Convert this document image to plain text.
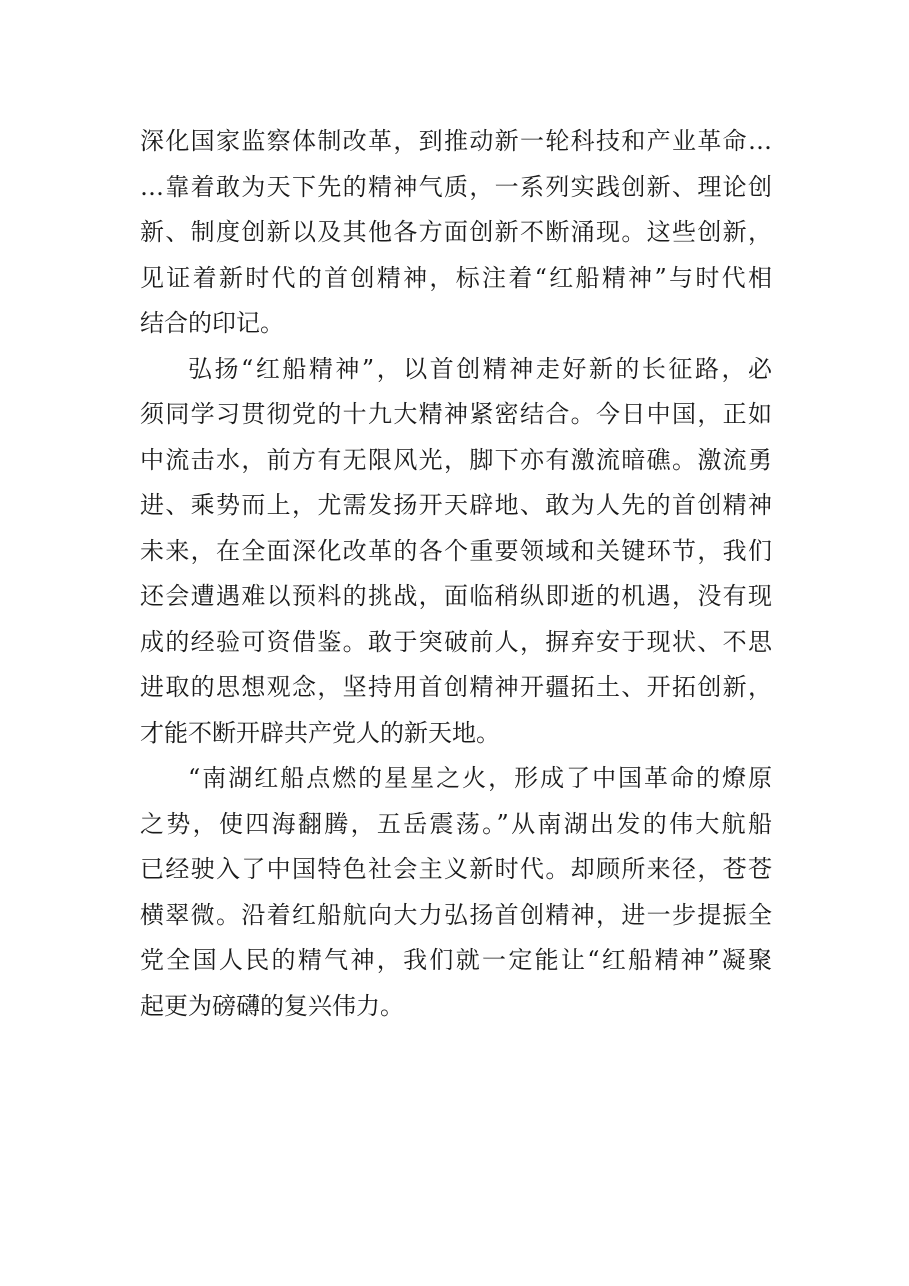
深化国家监察体制改革，到推动新一轮科技和产业革命…
…靠着敢为天下先的精神气质，一系列实践创新、理论创
新、制度创新以及其他各方面创新不断涌现。这些创新，
见证着新时代的首创精神，标注着“红船精神”与时代相
结合的印记。
弘扬“红船精神”，以首创精神走好新的长征路，必
须同学习贯彻党的十九大精神紧密结合。今日中国，正如
中流击水，前方有无限风光，脚下亦有激流暗礁。激流勇
进、乘势而上，尤需发扬开天辟地、敢为人先的首创精神
未来，在全面深化改革的各个重要领域和关键环节，我们
还会遭遇难以预料的挑战，面临稍纵即逝的机遇，没有现
成的经验可资借鉴。敢于突破前人，摒弃安于现状、不思
进取的思想观念，坚持用首创精神开疆拓土、开拓创新，
才能不断开辟共产党人的新天地。
“南湖红船点燃的星星之火，形成了中国革命的燎原
之势，使四海翻腾，五岳震荡。”从南湖出发的伟大航船
已经驶入了中国特色社会主义新时代。却顾所来径，苍苍
横翠微。沿着红船航向大力弘扬首创精神，进一步提振全
党全国人民的精气神，我们就一定能让“红船精神”凝聚
起更为磅礴的复兴伟力。
